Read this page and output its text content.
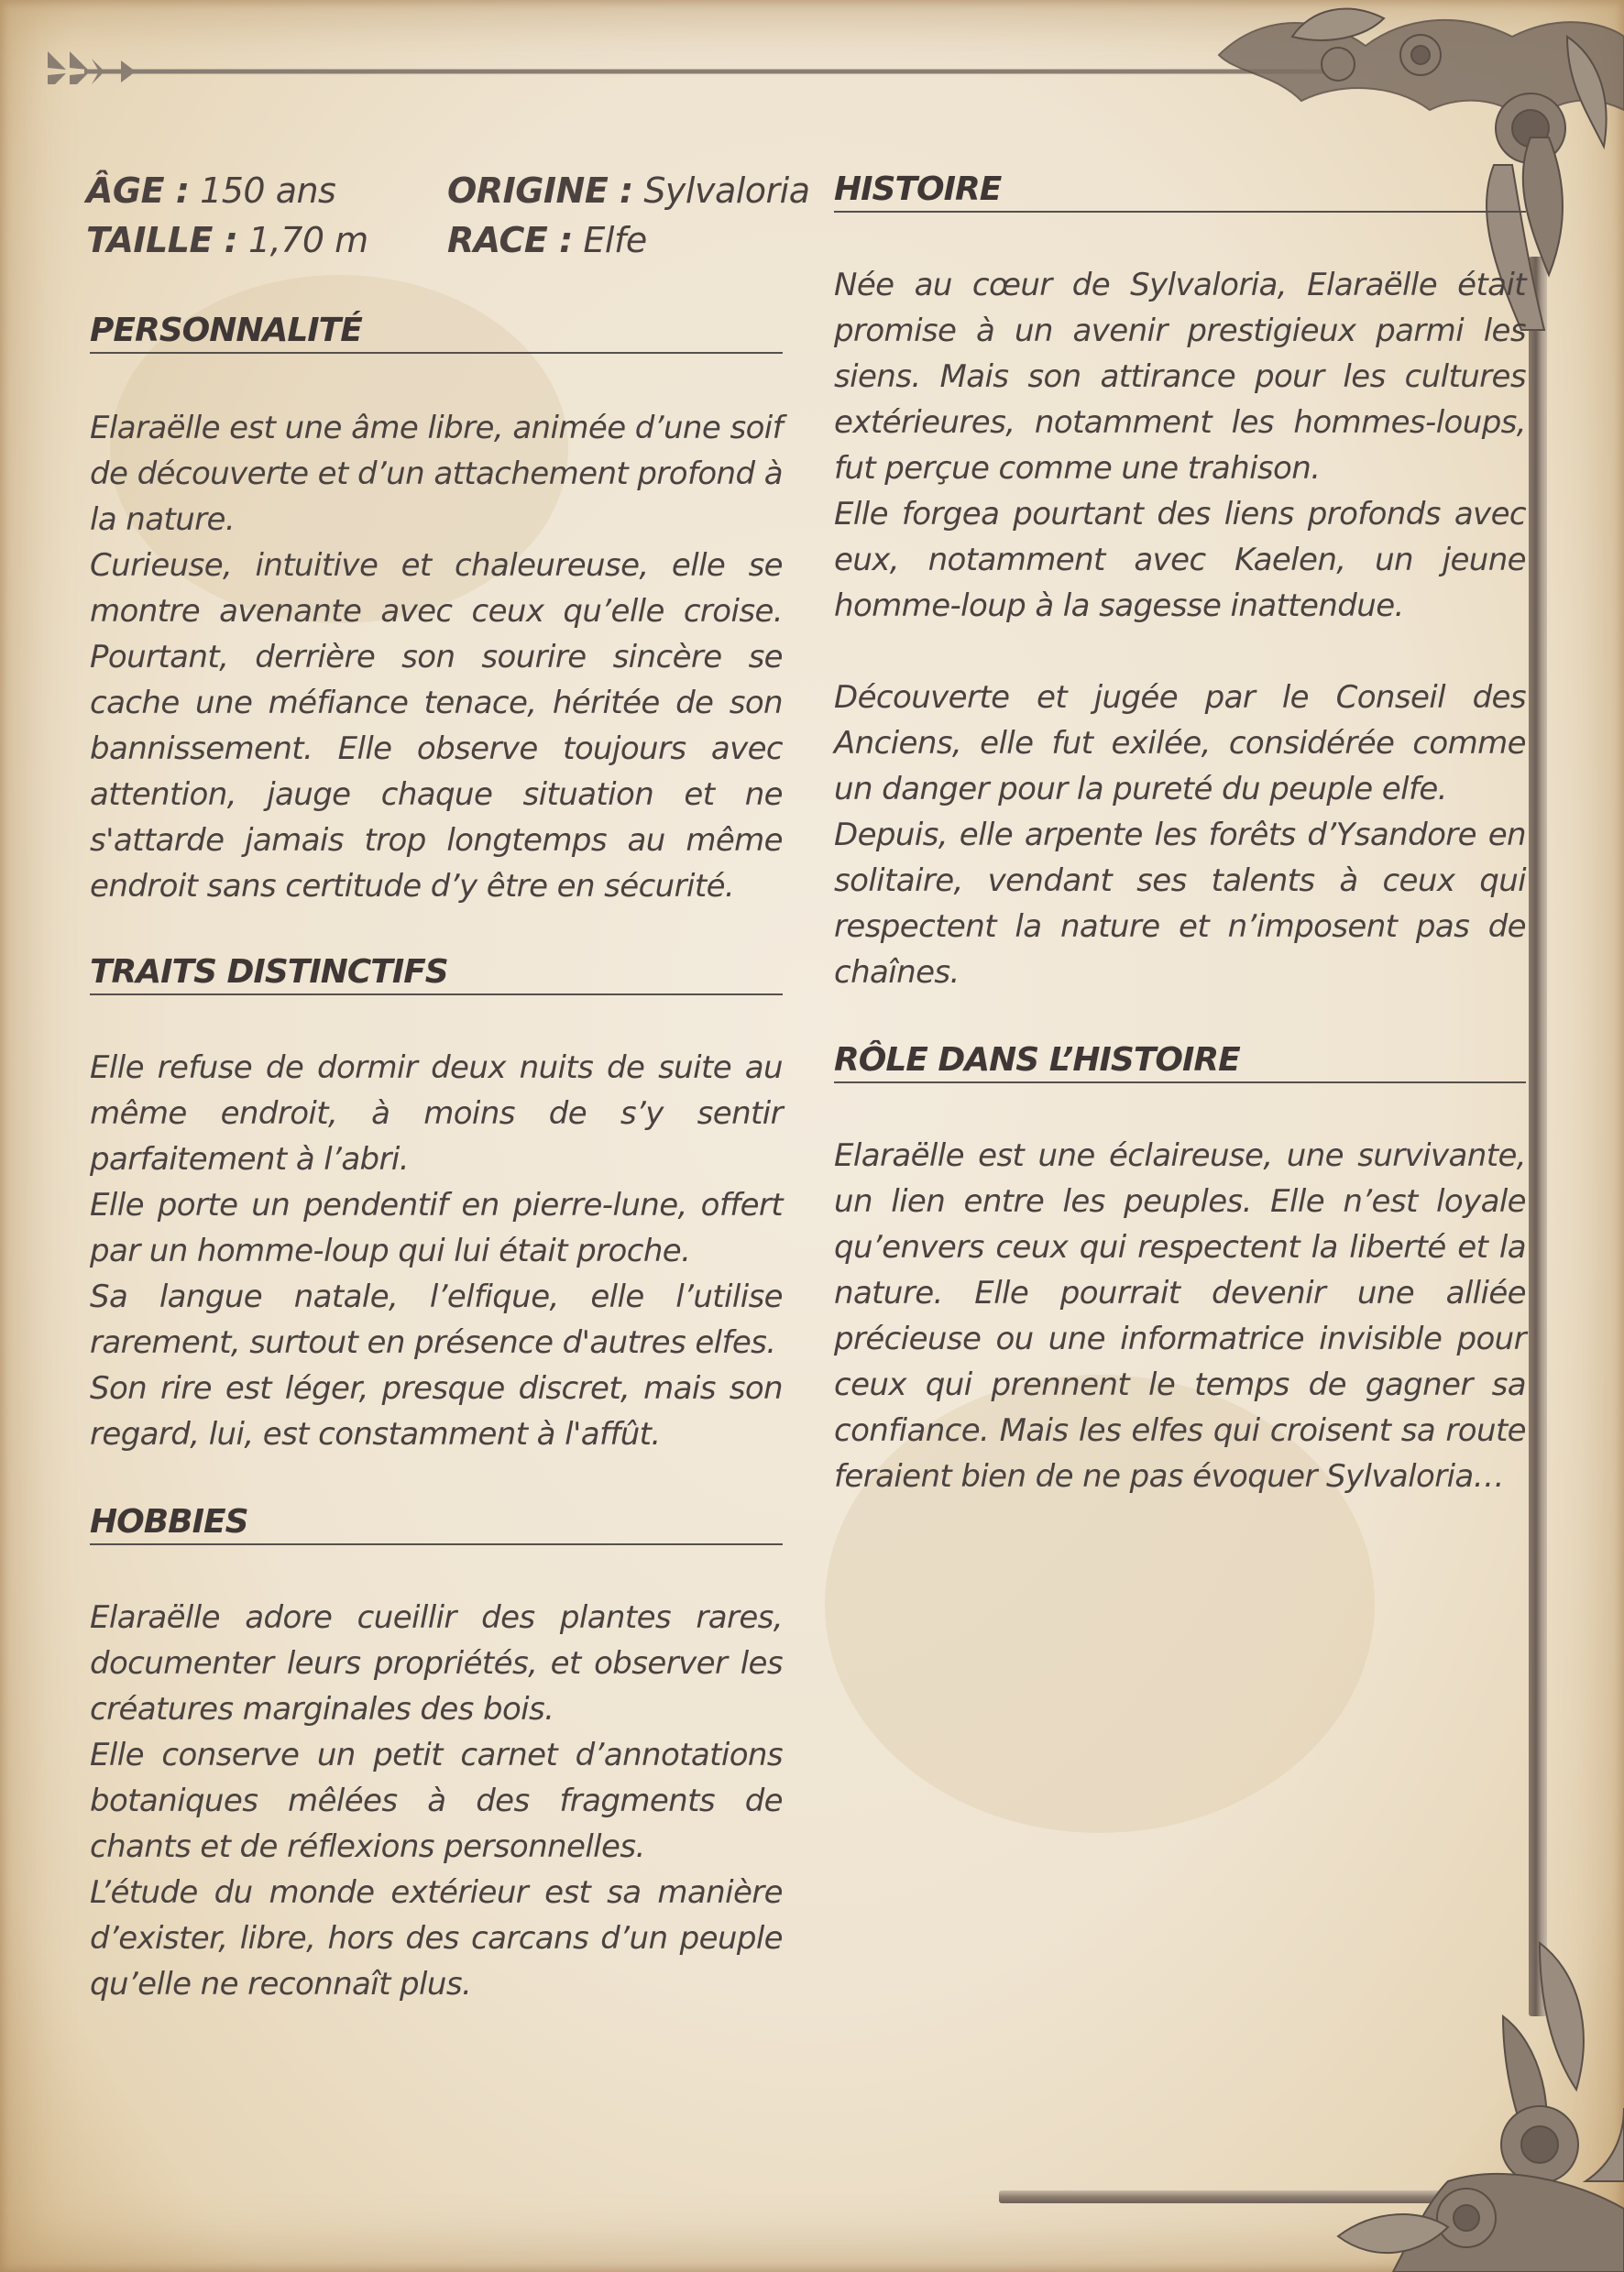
ÂGE : 150 ans
TAILLE : 1,70 m
ORIGINE : Sylvaloria
RACE : Elfe
PERSONNALITÉ

Elaraëlle est une âme libre, animée d’une soif de découverte et d’un attachement profond à la nature.

Curieuse, intuitive et chaleureuse, elle se montre avenante avec ceux qu’elle croise. Pourtant, derrière son sourire sincère se cache une méfiance tenace, héritée de son bannissement. Elle observe toujours avec attention, jauge chaque situation et ne s'attarde jamais trop longtemps au même endroit sans certitude d’y être en sécurité.

TRAITS DISTINCTIFS

Elle refuse de dormir deux nuits de suite au même endroit, à moins de s’y sentir parfaitement à l’abri.

Elle porte un pendentif en pierre-lune, offert par un homme-loup qui lui était proche.

Sa langue natale, l’elfique, elle l’utilise rarement, surtout en présence d'autres elfes.

Son rire est léger, presque discret, mais son regard, lui, est constamment à l'affût.

HOBBIES

Elaraëlle adore cueillir des plantes rares, documenter leurs propriétés, et observer les créatures marginales des bois.

Elle conserve un petit carnet d’annotations botaniques mêlées à des fragments de chants et de réflexions personnelles.

L’étude du monde extérieur est sa manière d’exister, libre, hors des carcans d’un peuple qu’elle ne reconnaît plus.

HISTOIRE

Née au cœur de Sylvaloria, Elaraëlle était promise à un avenir prestigieux parmi les siens. Mais son attirance pour les cultures extérieures, notamment les hommes-loups, fut perçue comme une trahison.

Elle forgea pourtant des liens profonds avec eux, notamment avec Kaelen, un jeune homme-loup à la sagesse inattendue.

Découverte et jugée par le Conseil des Anciens, elle fut exilée, considérée comme un danger pour la pureté du peuple elfe.

Depuis, elle arpente les forêts d’Ysandore en solitaire, vendant ses talents à ceux qui respectent la nature et n’imposent pas de chaînes.

RÔLE DANS L’HISTOIRE

Elaraëlle est une éclaireuse, une survivante, un lien entre les peuples. Elle n’est loyale qu’envers ceux qui respectent la liberté et la nature. Elle pourrait devenir une alliée précieuse ou une informatrice invisible pour ceux qui prennent le temps de gagner sa confiance. Mais les elfes qui croisent sa route feraient bien de ne pas évoquer Sylvaloria…
